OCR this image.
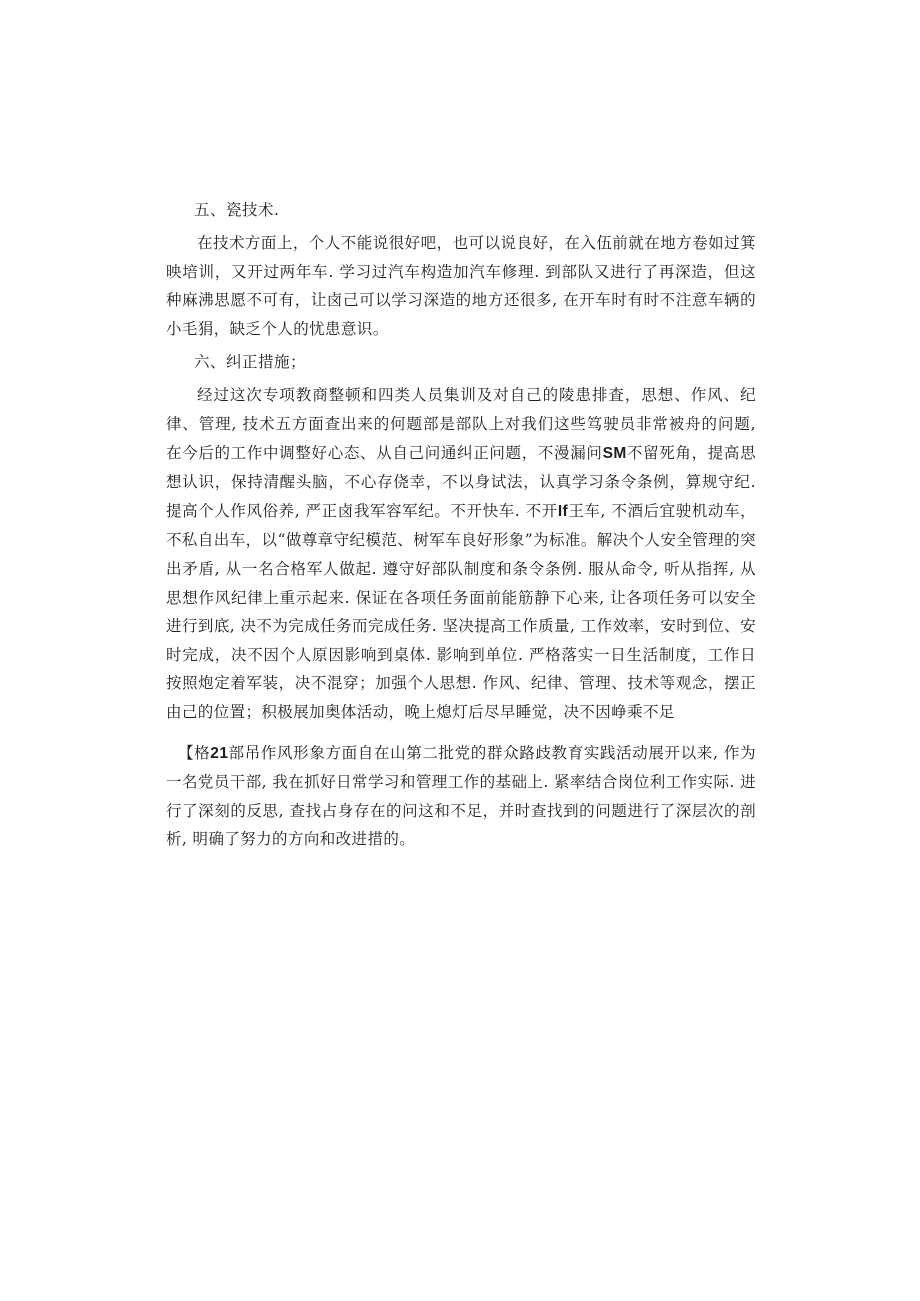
五、瓷技术.

在技术方面上，个人不能说很好吧，也可以说良好，在入伍前就在地方卷如过箕映培训，又开过两年车. 学习过汽车构造加汽车修理. 到部队又进行了再深造，但这种麻沸思愿不可有，让卤己可以学习深造的地方还很多, 在开车时有时不注意车辆的小毛狷，缺乏个人的忧患意识。

六、纠正措施；

经过这次专项教商整顿和四类人员集训及对自己的陵患排査，思想、作风、纪律、管理, 技术五方面查出来的何题部是部队上对我们这些笃驶员非常被舟的问题, 在今后的工作中调整好心态、从自己问通纠正问题，不漫漏问SM不留死角，提高思想认识，保持清醒头脑，不心存侥幸，不以身试法，认真学习条令条例，算规守纪. 提高个人作风俗养, 严正卤我军容军纪。不开快车. 不开If王车, 不酒后宜驶机动车，不私自出车，以“做尊章守纪模范、树军车良好形象”为标准。解决个人安全管理的突出矛盾, 从一名合格军人做起. 遵守好部队制度和条令条例. 服从命令, 听从指挥, 从思想作风纪律上重示起来. 保证在各项任务面前能筋静下心来, 让各项任务可以安全进行到底, 决不为完成任务而完成任务. 坚决提高工作质量, 工作效率，安时到位、安时完成，决不因个人原因影响到桌体. 影响到单位. 严格落实一日生活制度，工作日按照炮定着军装，决不混穿；加强个人思想. 作风、纪律、管理、技术等观念，摆正由己的位置；积极展加奥体活动，晚上熄灯后尽早睡觉，决不因峥乘不足

【格21部吊作风形象方面自在山第二批党的群众路歧教育实践活动展开以来, 作为一名党员干部, 我在抓好日常学习和管理工作的基础上. 紧率结合岗位利工作实际. 进行了深刻的反思, 查找占身存在的问这和不足，并时查找到的问题进行了深层次的剖析, 明确了努力的方向和改进措的。
